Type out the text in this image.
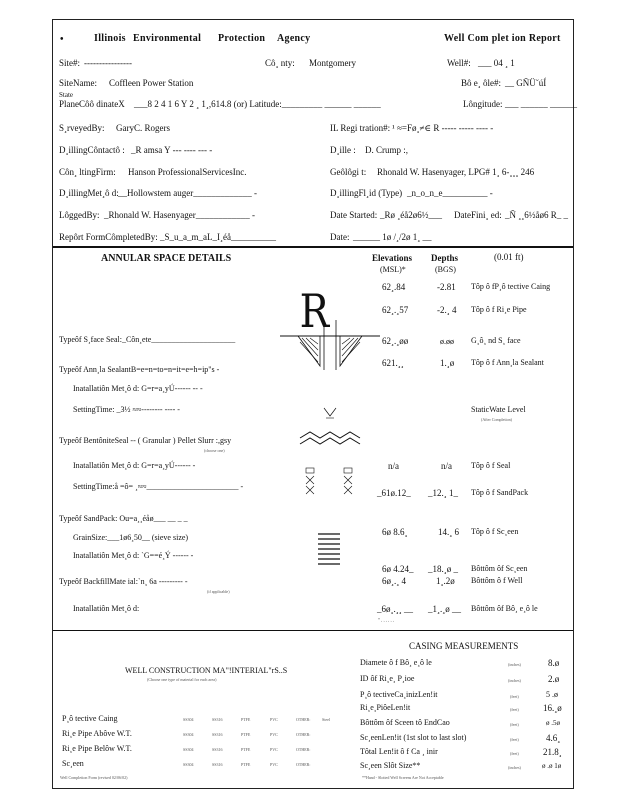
•	Illinois Environmental Protection Agency	Well Com plet ion Report
Site#: ----------------	Cô¸ nty: Montgomery	Well#: ___ 04 ¸ 1
SiteName: Coffleen Power Station	Bô e¸ ôle#: __ GÑÜ˘úÍ
State
PlaneCôô dinateX ___8 2 4 1 6 Y 2 ¸ 1¸,614.8 (or) Latitude:_________ ______ ______	Lôngitude: ___ ______ ______
S¸rveyedBy: GaryC. Rogers	IL Regi tration#: ¹ ≈=Fø¸≠∈ R ----- ----- ---- -
D¸illingCôntactô : _R amsa Y --- ---- --- -	D¸ille : D. Crump :,
Côn¸ ltingFirm: Hanson ProfessionalServicesInc.	Geôlôgi t: Rhonald W. Hasenyager, LPG# 1¸ 6-¸¸¸ 246
D¸illingMet¸ô d: __Hollowstem auger_____________ -	D¸illingFl¸id (Type) _n_o_n_e__________ -
LôggedBy: _Rhonald W. Hasenyager____________ -	Date Started: _Rø ¸éå2ø6½___ DateFini¸ ed: _Ñ ¸¸6½åø6 R_ _
Repôrt FormCômpletedBy: _S_u_a_m_aL_I¸éå__________	Date: ______ 1ø /¸/2ø 1¸ __
ANNULAR SPACE DETAILS	Elevations
(MSL)*
Depths
(BGS)
(0.01 ft)
62¸.84	-2.81 Tôp ô fP¸ô tective Caing
62¸.¸57	-2.¸ 4 Tôp ô f Ri¸e Pipe
62¸.¸øø	ø.øø G¸ô¸ nd S¸ face
621.¸¸	1.¸ø Tôp ô f Ann¸la Sealant
StaticWate Level
(After Completion)
n/a	n/a Tôp ô f Seal
_61ø.12_ _12.¸ 1_ Tôp ô f SandPack
6ø 8.6¸	14.¸ 6 Tôp ô f Sc¸een
6ø 4.24_ _18.¸ø _ Bôttôm ôf Sc¸een
6ø¸.¸ 4	1¸.2ø Bôttôm ô f Well
_6ø¸.¸¸ __ _1¸.¸ø __ Bôttôm ôf Bô¸ e¸ô le
* ¸ ¸ ¸ ¸ ¸ ¸
Typeôf S¸face Seal:_Côn¸ete_____________________
Typeôf Ann¸la SealantB=e=n=to=n=it=e=h=ip"s -
Inatallatiôn Met¸ô d: G=r=a¸yÚ------ -- -
SettingTime: _3½ ≈≈-------- ---- -
Typeôf BentôniteSeal -- ( Granular ) Pellet Slurr :,gsy
(choose one)
Inatallatiôn Met¸ô d: G=r=a¸yÚ------ -
SettingTime:å =ô= ¸≈≈_______________________ -
Typeôf SandPack: Ou=a¸¸éåø___ __ _ _
GrainSize:___1ø6¸50__ (sieve size)
Inatallatiôn Met¸ô d: `G==é¸Ý ------ -
Typeôf BackfillMate ial:`n¸ 6a --------- -
(if applicable)
Inatallatiôn Met¸ô d:
R
CASING MEASUREMENTS
Diamete ô f Bô¸ e¸ô le	(inches)	8.ø
ID ôf Ri¸e¸ P¸ioe	(inches)	2.ø
P¸ô tectiveCa¸inizLen!it	(feet)	5 .ø
Ri¸e¸PiôeLen!it	(feet)	16.¸ø
Bôttôm ôf Sceen tô EndCao	(feet)	ø .5ø
Sc¸eenLen!it (1st slot to last slot)	(feet)	4.6¸
Tôtal Len!it ô f Ca ¸ inir	(feet)	21.8¸
Sc¸een Slôt Size**	(inches)	ø .ø 1ø
**Hand - Slotted Well Screens Are Not Acceptable
WELL CONSTRUCTION MA"!INTERIAL"rS..S
(Choose one type of material for each area)
P¸ô tective Caing	SS304	SS316	PTFE	PVC	OTHER:	Steel
Ri¸e Pipe Abôve W.T.	SS304	SS316	PTFE	PVC	OTHER:
Ri¸e Pipe Belôw W.T.	SS304	SS316	PTFE	PVC	OTHER:
Sc¸een	SS304	SS316	PTFE	PVC	OTHER:
Well Completion Form (revised 02/06/02)
